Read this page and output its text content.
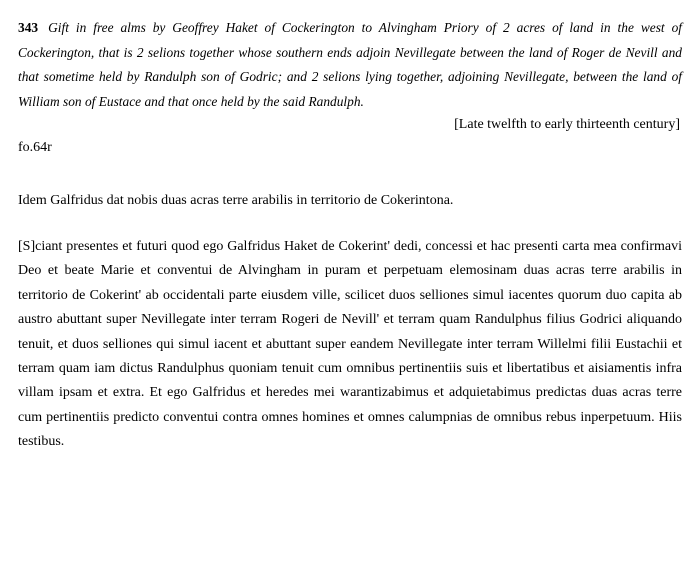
343 Gift in free alms by Geoffrey Haket of Cockerington to Alvingham Priory of 2 acres of land in the west of Cockerington, that is 2 selions together whose southern ends adjoin Nevillegate between the land of Roger de Nevill and that sometime held by Randulph son of Godric; and 2 selions lying together, adjoining Nevillegate, between the land of William son of Eustace and that once held by the said Randulph.

[Late twelfth to early thirteenth century]

fo.64r

Idem Galfridus dat nobis duas acras terre arabilis in territorio de Cokerintona.

[S]ciant presentes et futuri quod ego Galfridus Haket de Cokerint' dedi, concessi et hac presenti carta mea confirmavi Deo et beate Marie et conventui de Alvingham in puram et perpetuam elemosinam duas acras terre arabilis in territorio de Cokerint' ab occidentali parte eiusdem ville, scilicet duos selliones simul iacentes quorum duo capita ab austro abuttant super Nevillegate inter terram Rogeri de Nevill' et terram quam Randulphus filius Godrici aliquando tenuit, et duos selliones qui simul iacent et abuttant super eandem Nevillegate inter terram Willelmi filii Eustachii et terram quam iam dictus Randulphus quoniam tenuit cum omnibus pertinentiis suis et libertatibus et aisiamentis infra villam ipsam et extra. Et ego Galfridus et heredes mei warantizabimus et adquietabimus predictas duas acras terre cum pertinentiis predicto conventui contra omnes homines et omnes calumpnias de omnibus rebus inperpetuum. Hiis testibus.
